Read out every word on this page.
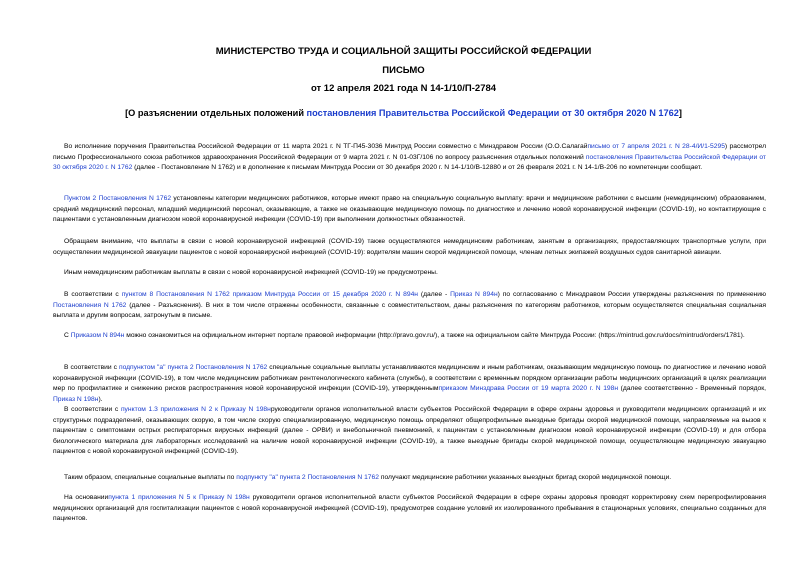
МИНИСТЕРСТВО ТРУДА И СОЦИАЛЬНОЙ ЗАЩИТЫ РОССИЙСКОЙ ФЕДЕРАЦИИ
ПИСЬМО
от 12 апреля 2021 года N 14-1/10/П-2784
[О разъяснении отдельных положений постановления Правительства Российской Федерации от 30 октября 2020 N 1762]
Во исполнение поручения Правительства Российской Федерации от 11 марта 2021 г. N ТГ-П45-3036 Минтруд России совместно с Минздравом России (О.О.Салагайписьмо от 7 апреля 2021 г. N 28-4/И/1-5295) рассмотрел письмо Профессионального союза работников здравоохранения Российской Федерации от 9 марта 2021 г. N 01-03Г/106 по вопросу разъяснения отдельных положений постановления Правительства Российской Федерации от 30 октября 2020 г. N 1762 (далее - Постановление N 1762) и в дополнение к письмам Минтруда России от 30 декабря 2020 г. N 14-1/10/В-12880 и от 26 февраля 2021 г. N 14-1/В-206 по компетенции сообщает.
Пунктом 2 Постановления N 1762 установлены категории медицинских работников, которые имеют право на специальную социальную выплату: врачи и медицинские работники с высшим (немедицинским) образованием, средний медицинский персонал, младший медицинский персонал, оказывающие, а также не оказывающие медицинскую помощь по диагностике и лечению новой коронавирусной инфекции (COVID-19), но контактирующие с пациентами с установленным диагнозом новой коронавирусной инфекции (COVID-19) при выполнении должностных обязанностей.
Обращаем внимание, что выплаты в связи с новой коронавирусной инфекцией (COVID-19) также осуществляются немедицинским работникам, занятым в организациях, предоставляющих транспортные услуги, при осуществлении медицинской эвакуации пациентов с новой коронавирусной инфекцией (COVID-19): водителям машин скорой медицинской помощи, членам летных экипажей воздушных судов санитарной авиации.
Иным немедицинским работникам выплаты в связи с новой коронавирусной инфекцией (COVID-19) не предусмотрены.
В соответствии с пунктом 8 Постановления N 1762 приказом Минтруда России от 15 декабря 2020 г. N 894н (далее - Приказ N 894н) по согласованию с Минздравом России утверждены разъяснения по применению Постановления N 1762 (далее - Разъяснения). В них в том числе отражены особенности, связанные с совместительством, даны разъяснения по категориям работников, которым осуществляется специальная социальная выплата и другим вопросам, затронутым в письме.
С Приказом N 894н можно ознакомиться на официальном интернет портале правовой информации (http://pravo.gov.ru/), а также на официальном сайте Минтруда России: (https://mintrud.gov.ru/docs/mintrud/orders/1781).
В соответствии с подпунктом "а" пункта 2 Постановления N 1762 специальные социальные выплаты устанавливаются медицинским и иным работникам, оказывающим медицинскую помощь по диагностике и лечению новой коронавирусной инфекции (COVID-19), в том числе медицинским работникам рентгенологического кабинета (службы), в соответствии с временным порядком организации работы медицинских организаций в целях реализации мер по профилактике и снижению рисков распространения новой коронавирусной инфекции (COVID-19), утвержденнымприказом Минздрава России от 19 марта 2020 г. N 198н (далее соответственно - Временный порядок, Приказ N 198н).
В соответствии с пунктом 1.3 приложения N 2 к Приказу N 198нруководители органов исполнительной власти субъектов Российской Федерации в сфере охраны здоровья и руководители медицинских организаций и их структурных подразделений, оказывающих скорую, в том числе скорую специализированную, медицинскую помощь определяют общепрофильные выездные бригады скорой медицинской помощи, направляемые на вызов к пациентам с симптомами острых респираторных вирусных инфекций (далее - ОРВИ) и внебольничной пневмонией, к пациентам с установленным диагнозом новой коронавирусной инфекции (COVID-19) и для отбора биологического материала для лабораторных исследований на наличие новой коронавирусной инфекции (COVID-19), а также выездные бригады скорой медицинской помощи, осуществляющие медицинскую эвакуацию пациентов с новой коронавирусной инфекцией (COVID-19).
Таким образом, специальные социальные выплаты по подпункту "а" пункта 2 Постановления N 1762 получают медицинские работники указанных выездных бригад скорой медицинской помощи.
На основаниипункта 1 приложения N 5 к Приказу N 198н руководители органов исполнительной власти субъектов Российской Федерации в сфере охраны здоровья проводят корректировку схем перепрофилирования медицинских организаций для госпитализации пациентов с новой коронавирусной инфекцией (COVID-19), предусмотрев создание условий их изолированного пребывания в стационарных условиях, специально созданных для пациентов.
